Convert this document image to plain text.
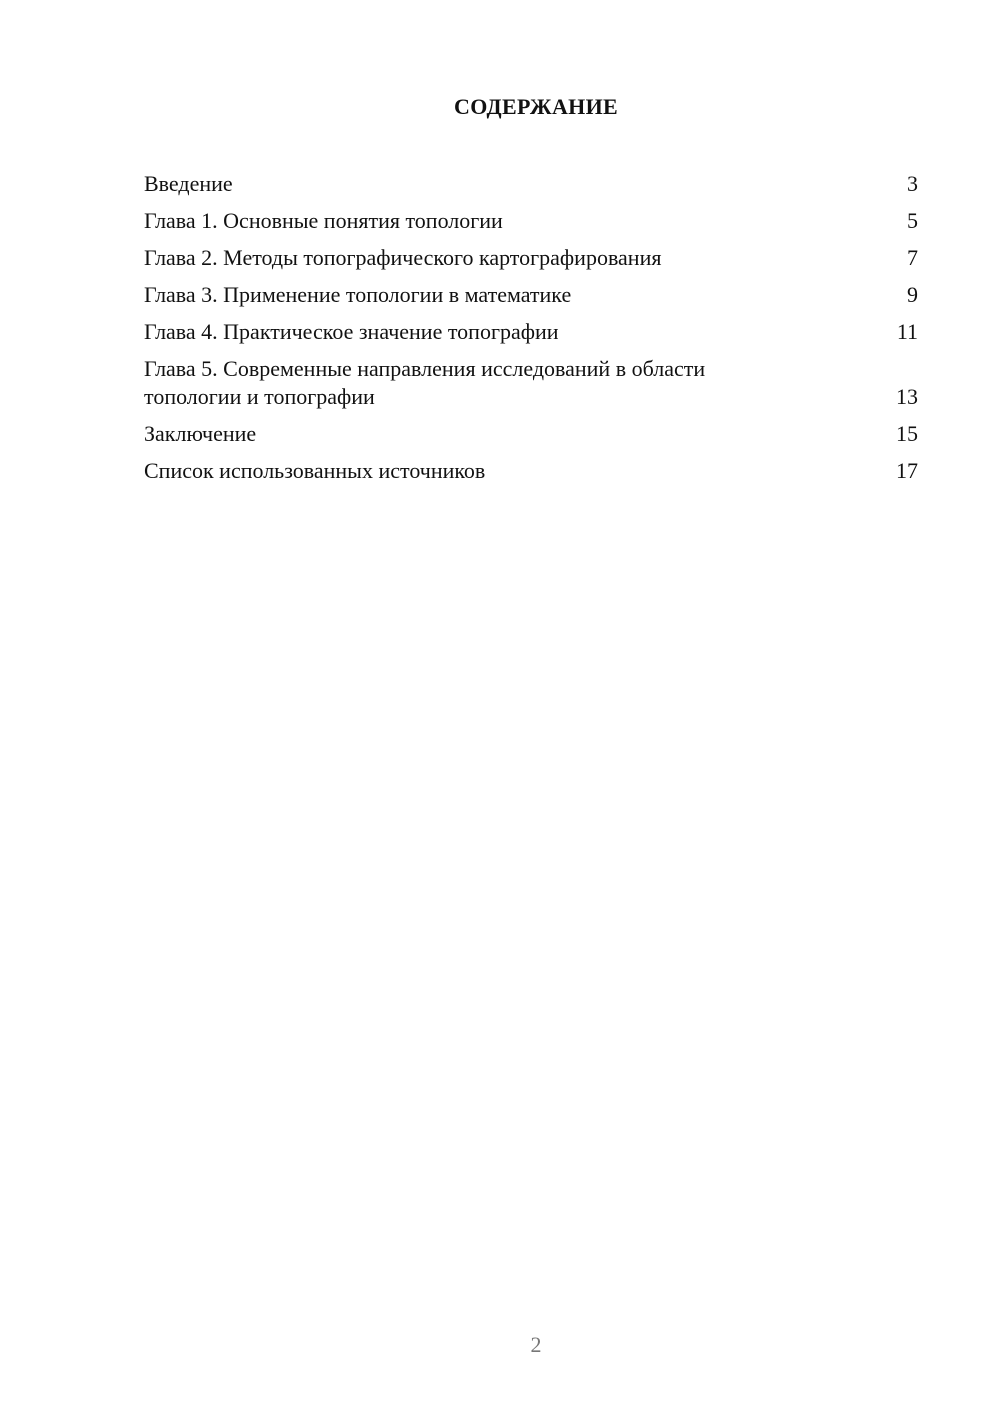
СОДЕРЖАНИЕ
Введение	3
Глава 1. Основные понятия топологии	5
Глава 2. Методы топографического картографирования	7
Глава 3. Применение топологии в математике	9
Глава 4. Практическое значение топографии	11
Глава 5. Современные направления исследований в области топологии и топографии	13
Заключение	15
Список использованных источников	17
2
